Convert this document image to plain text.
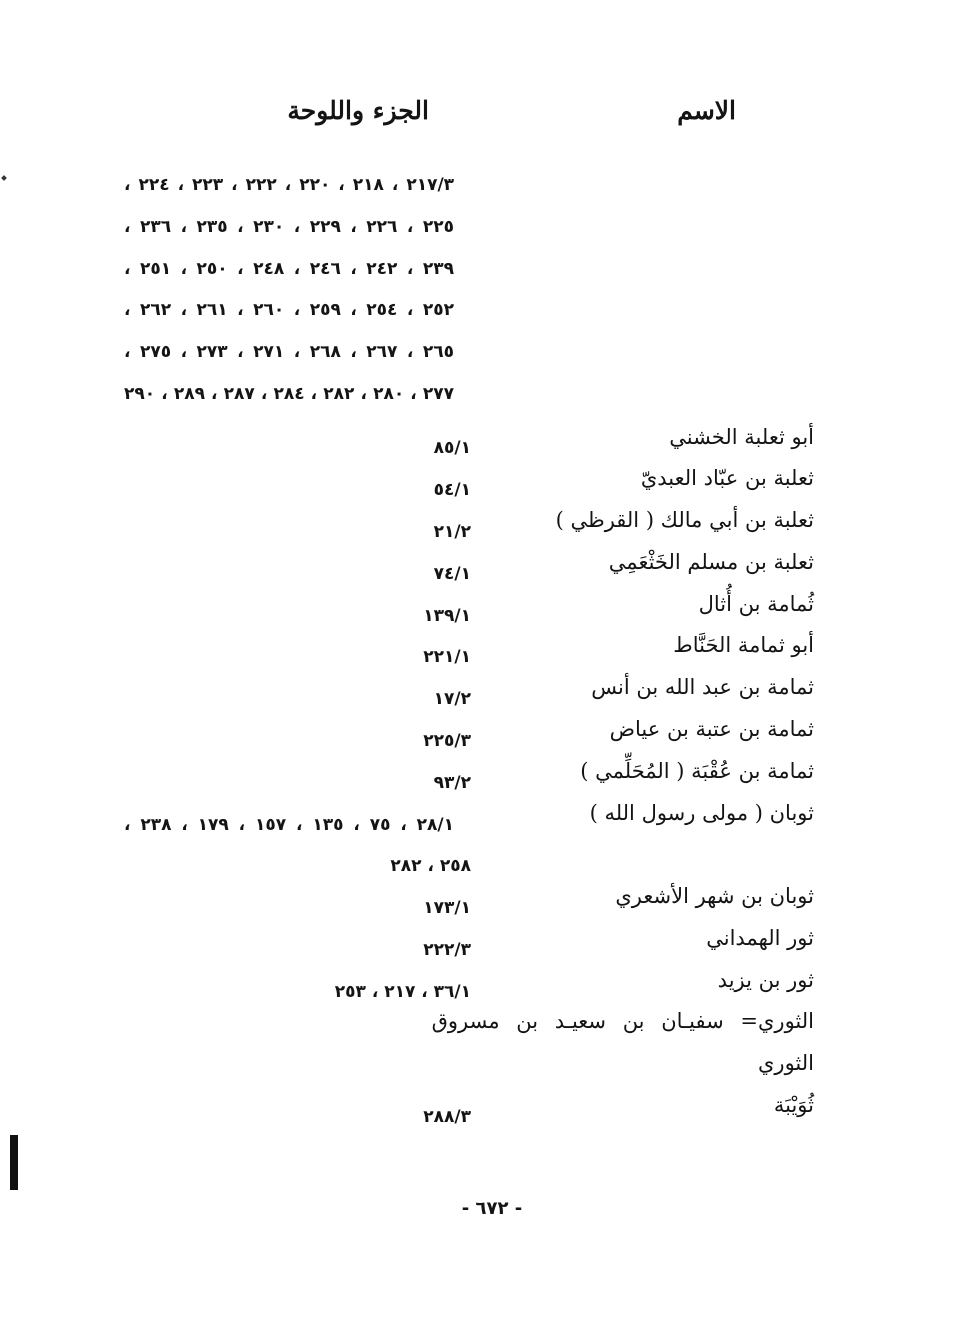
الاسم
الجزء واللوحة
٢١٧/٣ ، ٢١٨ ، ٢٢٠ ، ٢٢٢ ، ٢٢٣ ، ٢٢٤ ،
٢٢٥ ، ٢٢٦ ، ٢٢٩ ، ٢٣٠ ، ٢٣٥ ، ٢٣٦ ،
٢٣٩ ، ٢٤٢ ، ٢٤٦ ، ٢٤٨ ، ٢٥٠ ، ٢٥١ ،
٢٥٢ ، ٢٥٤ ، ٢٥٩ ، ٢٦٠ ، ٢٦١ ، ٢٦٢ ،
٢٦٥ ، ٢٦٧ ، ٢٦٨ ، ٢٧١ ، ٢٧٣ ، ٢٧٥ ،
٢٧٧ ، ٢٨٠ ، ٢٨٢ ، ٢٨٤ ، ٢٨٧ ، ٢٨٩ ، ٢٩٠
أبو ثعلبة الخشني
٨٥/١
ثعلبة بن عبّاد العبديّ
٥٤/١
ثعلبة بن أبي مالك ( القرظي )
٢١/٢
ثعلبة بن مسلم الخَثْعَمِي
٧٤/١
ثُمامة بن أُثال
١٣٩/١
أبو ثمامة الحَنَّاط
٢٢١/١
ثمامة بن عبد الله بن أنس
١٧/٢
ثمامة بن عتبة بن عياض
٢٢٥/٣
ثمامة بن عُقْبَة ( المُحَلِّمي )
٩٣/٢
ثوبان ( مولى رسول الله )
٢٨/١ ، ٧٥ ، ١٣٥ ، ١٥٧ ، ١٧٩ ، ٢٣٨ ،
٢٥٨ ، ٢٨٢
ثوبان بن شهر الأشعري
١٧٣/١
ثور الهمداني
٢٢٢/٣
ثور بن يزيد
٣٦/١ ، ٢١٧ ، ٢٥٣
الثوري= سفيـان بن سعيـد بن مسروق
الثوري
ثُوَيْبَة
٢٨٨/٣
- ٦٧٢ -
